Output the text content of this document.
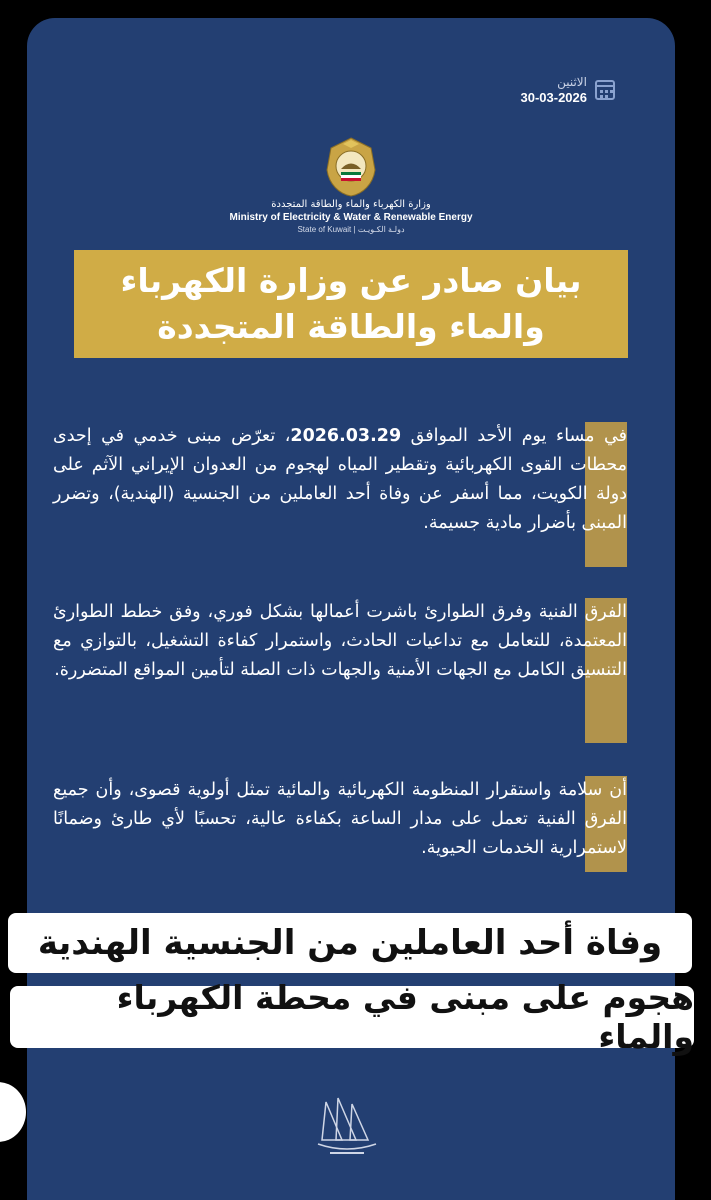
الاثنين
30-03-2026
وزارة الكهرباء والماء والطاقة المتجددة
Ministry of Electricity & Water & Renewable Energy
State of Kuwait | دولـة الكـويـت
بيان صادر عن وزارة الكهرباء
والماء والطاقة المتجددة
في مساء يوم الأحد الموافق 2026.03.29، تعرّض مبنى خدمي في إحدى محطات القوى الكهربائية وتقطير المياه لهجوم من العدوان الإيراني الآثم على دولة الكويت، مما أسفر عن وفاة أحد العاملين من الجنسية (الهندية)، وتضرر المبنى بأضرار مادية جسيمة.
الفرق الفنية وفرق الطوارئ باشرت أعمالها بشكل فوري، وفق خطط الطوارئ المعتمدة، للتعامل مع تداعيات الحادث، واستمرار كفاءة التشغيل، بالتوازي مع التنسيق الكامل مع الجهات الأمنية والجهات ذات الصلة لتأمين المواقع المتضررة.
أن سلامة واستقرار المنظومة الكهربائية والمائية تمثل أولوية قصوى، وأن جميع الفرق الفنية تعمل على مدار الساعة بكفاءة عالية، تحسبًا لأي طارئ وضمانًا لاستمرارية الخدمات الحيوية.
وفاة أحد العاملين من الجنسية الهندية
هجوم على مبنى في محطة الكهرباء والماء
